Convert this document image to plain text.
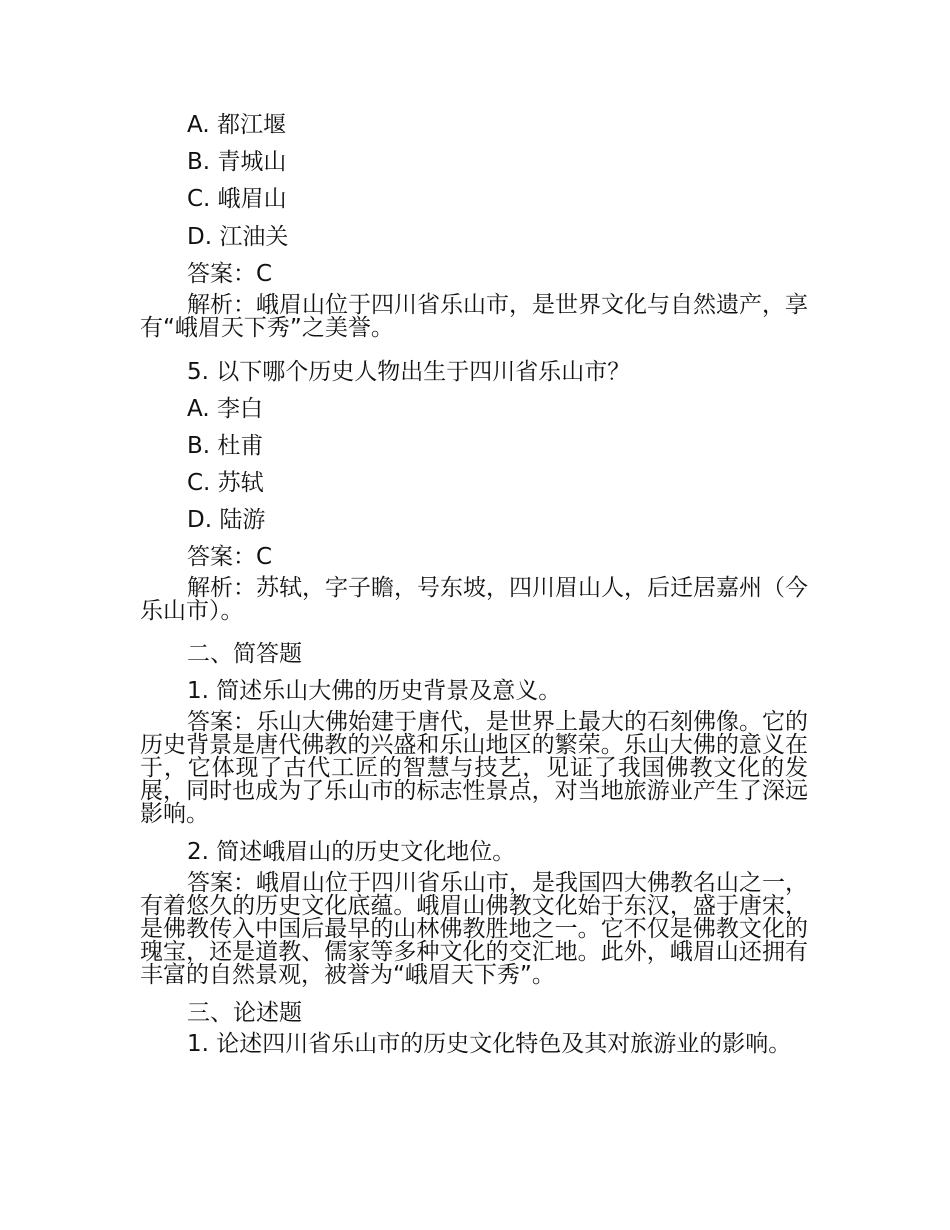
A. 都江堰

B. 青城山

C. 峨眉山

D. 江油关

答案：C

解析：峨眉山位于四川省乐山市，是世界文化与自然遗产，享有“峨眉天下秀”之美誉。

5. 以下哪个历史人物出生于四川省乐山市？

A. 李白

B. 杜甫

C. 苏轼

D. 陆游

答案：C

解析：苏轼，字子瞻，号东坡，四川眉山人，后迁居嘉州（今乐山市）。

二、简答题

1. 简述乐山大佛的历史背景及意义。

答案：乐山大佛始建于唐代，是世界上最大的石刻佛像。它的历史背景是唐代佛教的兴盛和乐山地区的繁荣。乐山大佛的意义在于，它体现了古代工匠的智慧与技艺，见证了我国佛教文化的发展，同时也成为了乐山市的标志性景点，对当地旅游业产生了深远影响。

2. 简述峨眉山的历史文化地位。

答案：峨眉山位于四川省乐山市，是我国四大佛教名山之一，有着悠久的历史文化底蕴。峨眉山佛教文化始于东汉，盛于唐宋，是佛教传入中国后最早的山林佛教胜地之一。它不仅是佛教文化的瑰宝，还是道教、儒家等多种文化的交汇地。此外，峨眉山还拥有丰富的自然景观，被誉为“峨眉天下秀”。

三、论述题

1. 论述四川省乐山市的历史文化特色及其对旅游业的影响。
